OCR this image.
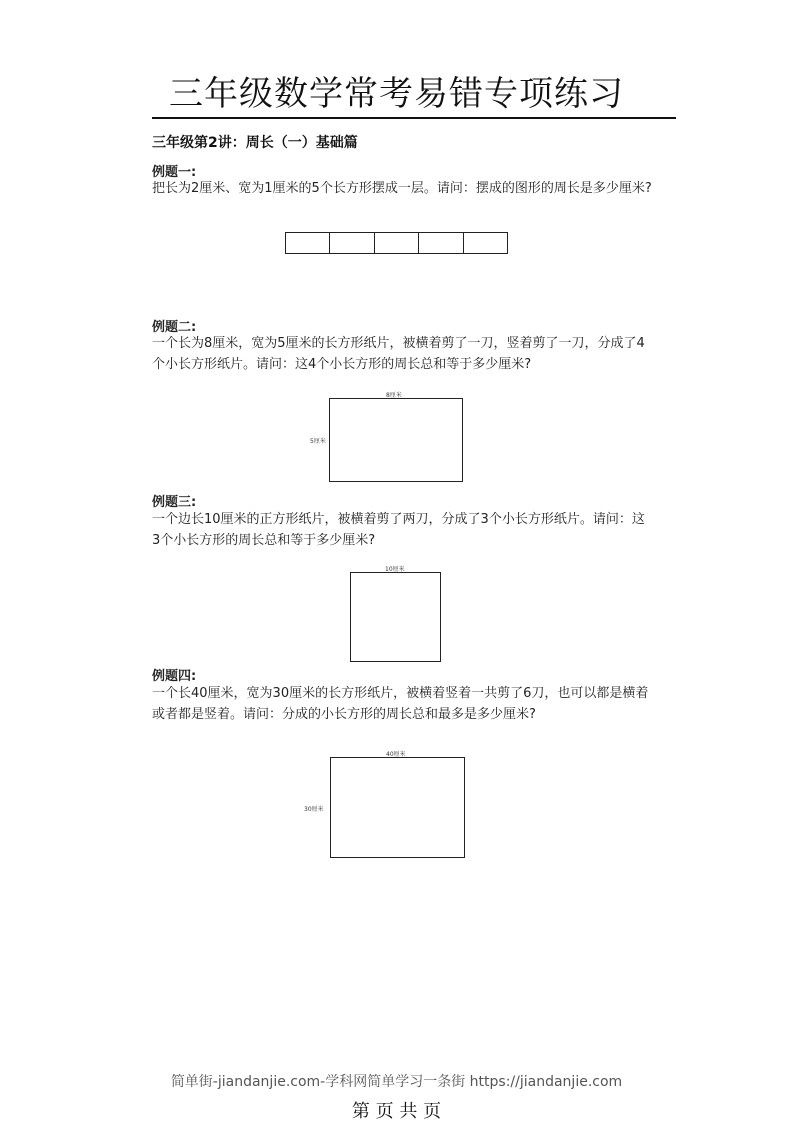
三年级数学常考易错专项练习
三年级第2讲：周长（一）基础篇
例题一:
把长为2厘米、宽为1厘米的5个长方形摆成一层。请问：摆成的图形的周长是多少厘米?
例题二:
一个长为8厘米，宽为5厘米的长方形纸片，被横着剪了一刀，竖着剪了一刀，分成了4
个小长方形纸片。请问：这4个小长方形的周长总和等于多少厘米?
8厘米
5厘米
例题三:
一个边长10厘米的正方形纸片，被横着剪了两刀，分成了3个小长方形纸片。请问：这
3个小长方形的周长总和等于多少厘米?
10厘米
例题四:
一个长40厘米，宽为30厘米的长方形纸片，被横着竖着一共剪了6刀，也可以都是横着
或者都是竖着。请问：分成的小长方形的周长总和最多是多少厘米?
40厘米
30厘米
简单街-jiandanjie.com-学科网简单学习一条街 https://jiandanjie.com
第 页 共 页
